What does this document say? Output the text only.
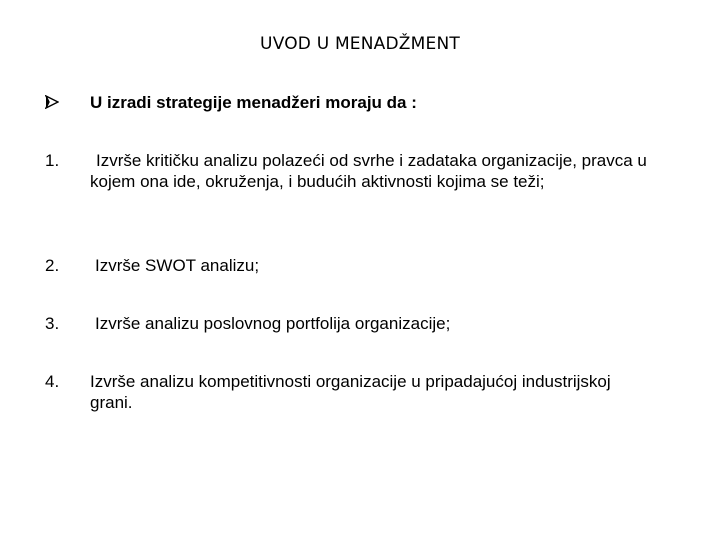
UVOD U MENADŽMENT
U izradi strategije menadžeri moraju da :
1.	Izvrše kritičku analizu polazeći od svrhe i zadataka organizacije, pravca u kojem ona ide, okruženja, i budućih aktivnosti kojima se teži;
2.	Izvrše SWOT analizu;
3.	Izvrše analizu poslovnog portfolija organizacije;
4.	Izvrše analizu kompetitivnosti organizacije u pripadajućoj industrijskoj grani.
